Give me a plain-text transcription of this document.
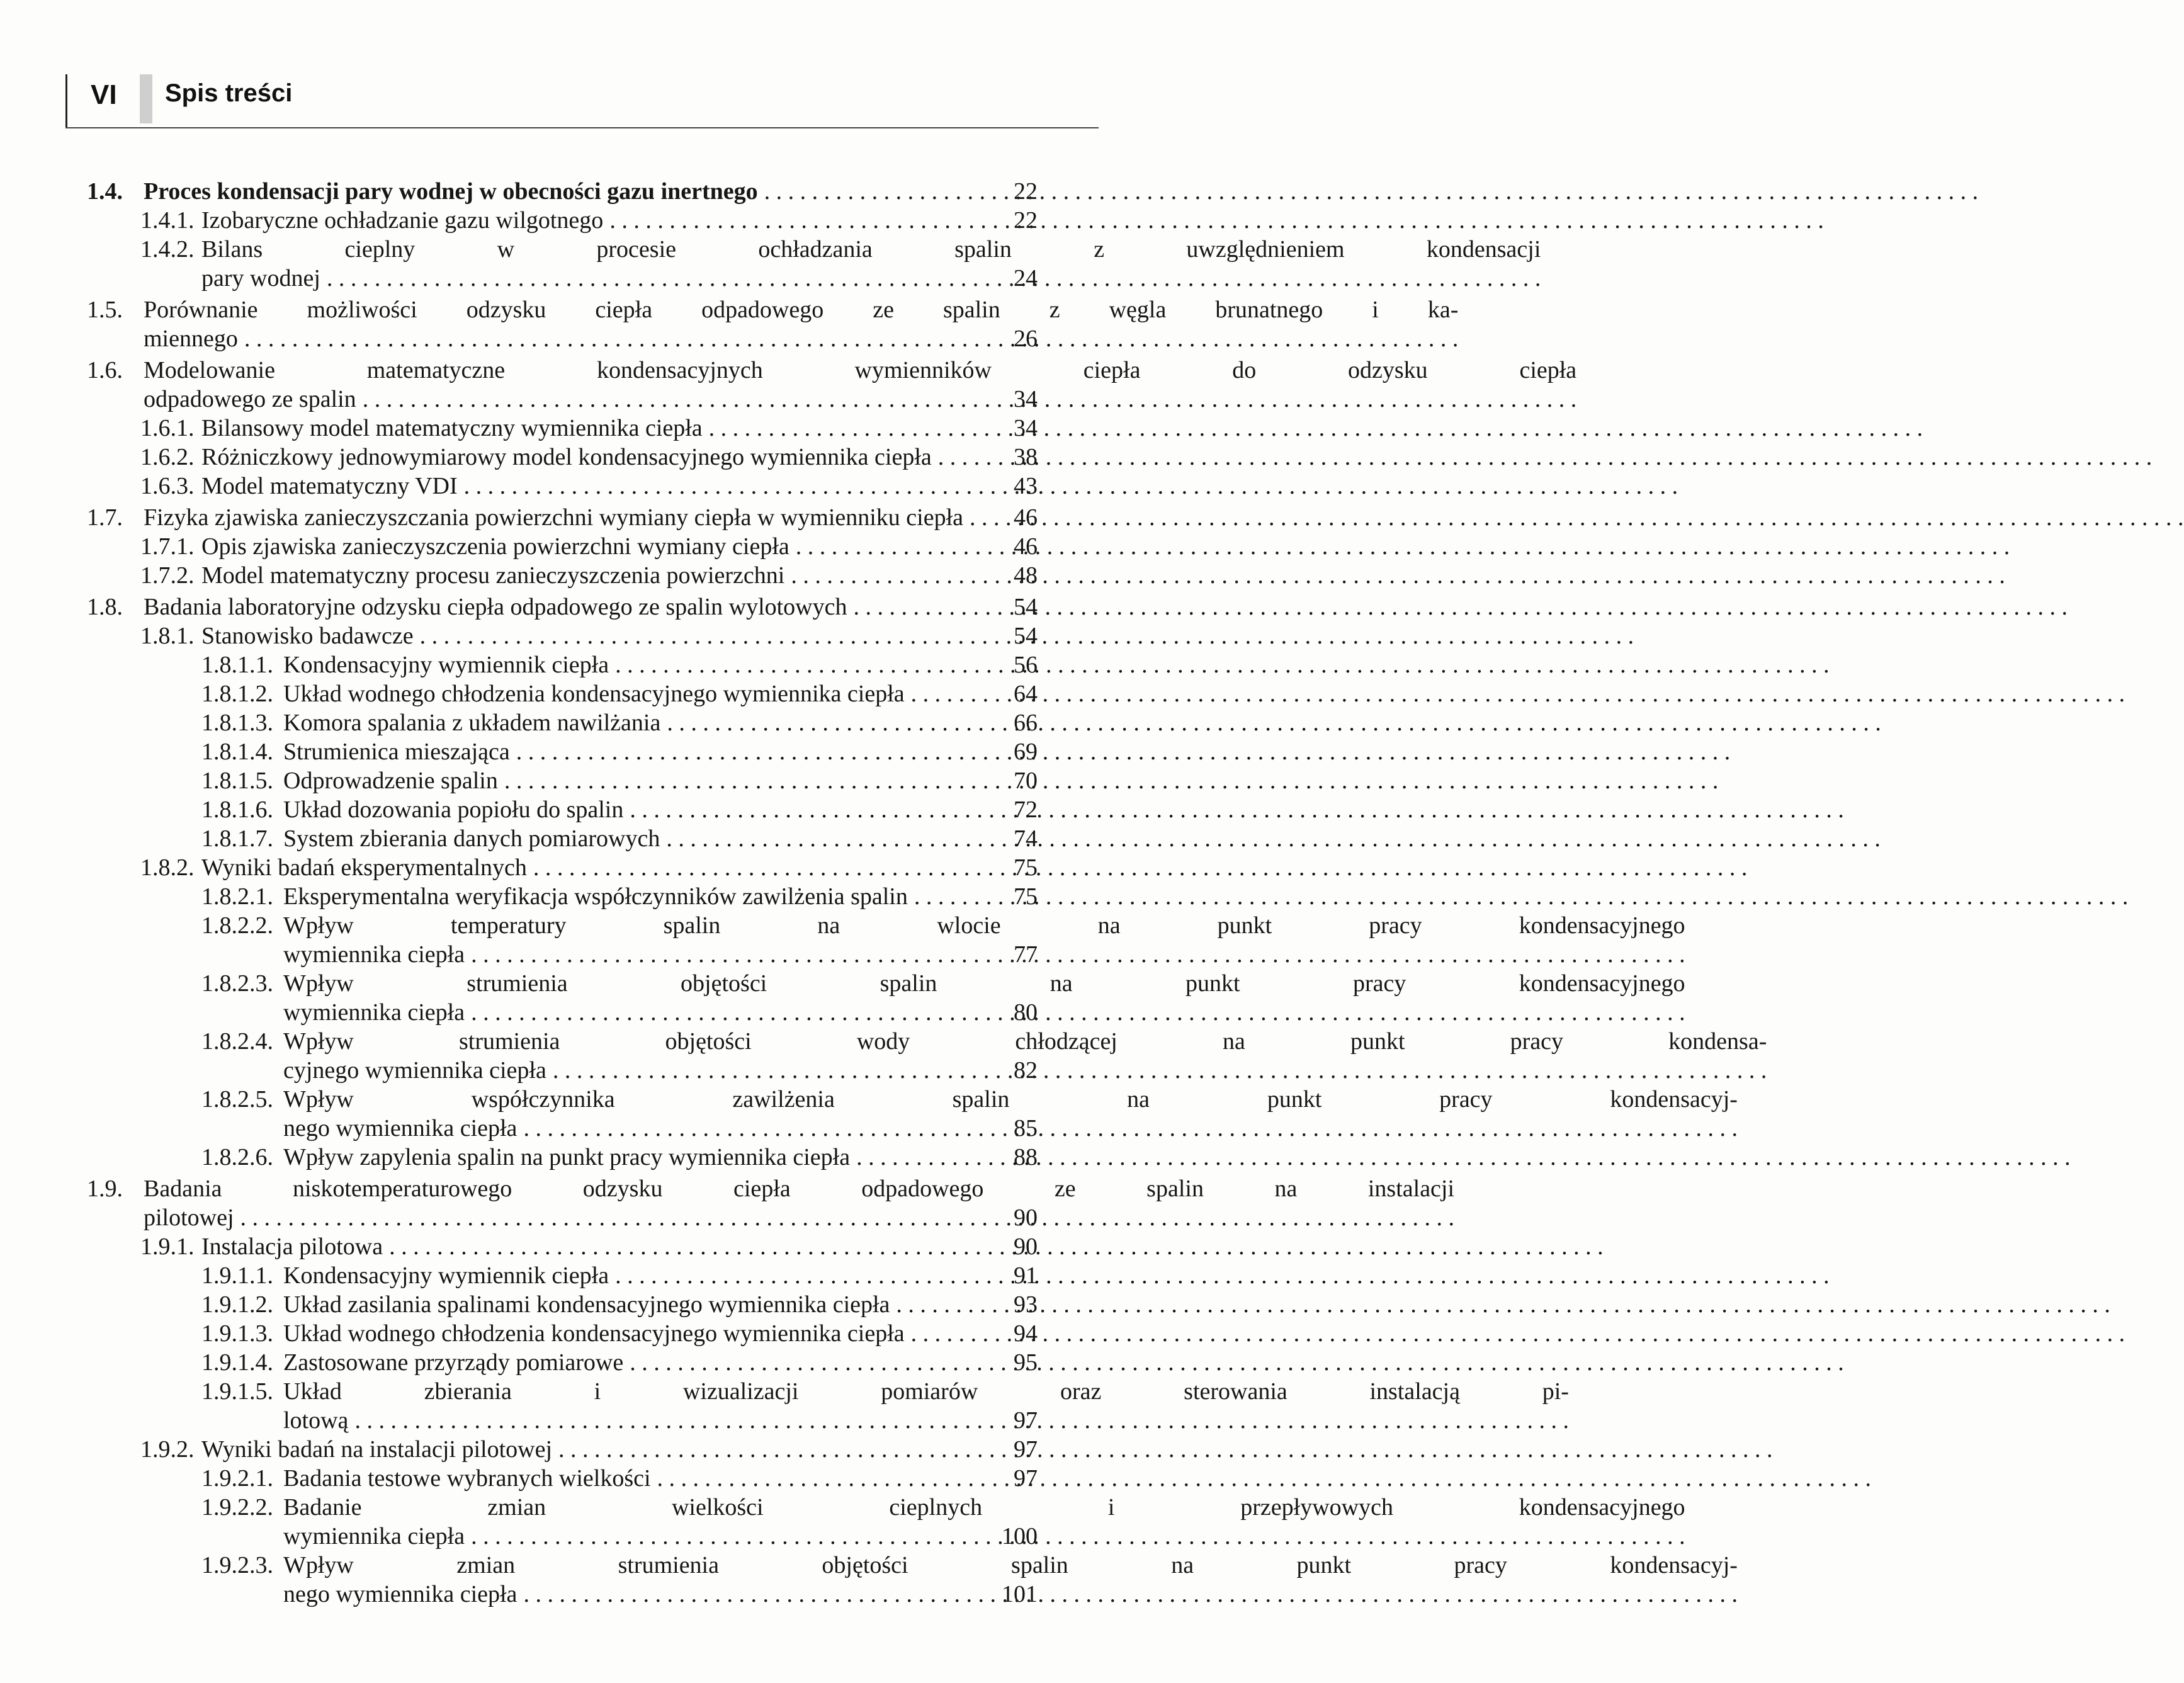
VI Spis treści
1.4. Proces kondensacji pary wodnej w obecności gazu inertnego . . .	22
1.4.1. Izobaryczne ochładzanie gazu wilgotnego . . .	22
1.4.2. Bilans cieplny w procesie ochładzania spalin z uwzględnieniem kondensacji
pary wodnej . . .	24
1.5. Porównanie możliwości odzysku ciepła odpadowego ze spalin z węgla brunatnego i ka-
miennego . . .	26
1.6. Modelowanie matematyczne kondensacyjnych wymienników ciepła do odzysku ciepła
odpadowego ze spalin . . .	34
1.6.1. Bilansowy model matematyczny wymiennika ciepła . . .	34
1.6.2. Różniczkowy jednowymiarowy model kondensacyjnego wymiennika ciepła . . .	38
1.6.3. Model matematyczny VDI . . .	43
1.7. Fizyka zjawiska zanieczyszczania powierzchni wymiany ciepła w wymienniku ciepła . . .	46
1.7.1. Opis zjawiska zanieczyszczenia powierzchni wymiany ciepła . . .	46
1.7.2. Model matematyczny procesu zanieczyszczenia powierzchni . . .	48
1.8. Badania laboratoryjne odzysku ciepła odpadowego ze spalin wylotowych . . .	54
1.8.1. Stanowisko badawcze . . .	54
1.8.1.1. Kondensacyjny wymiennik ciepła . . .	56
1.8.1.2. Układ wodnego chłodzenia kondensacyjnego wymiennika ciepła . . .	64
1.8.1.3. Komora spalania z układem nawilżania . . .	66
1.8.1.4. Strumienica mieszająca . . .	69
1.8.1.5. Odprowadzenie spalin . . .	70
1.8.1.6. Układ dozowania popiołu do spalin . . .	72
1.8.1.7. System zbierania danych pomiarowych . . .	74
1.8.2. Wyniki badań eksperymentalnych . . .	75
1.8.2.1. Eksperymentalna weryfikacja współczynników zawilżenia spalin . . .	75
1.8.2.2. Wpływ temperatury spalin na wlocie na punkt pracy kondensacyjnego
wymiennika ciepła . . .	77
1.8.2.3. Wpływ strumienia objętości spalin na punkt pracy kondensacyjnego
wymiennika ciepła . . .	80
1.8.2.4. Wpływ strumienia objętości wody chłodzącej na punkt pracy kondensa-
cyjnego wymiennika ciepła . . .	82
1.8.2.5. Wpływ współczynnika zawilżenia spalin na punkt pracy kondensacyj-
nego wymiennika ciepła . . .	85
1.8.2.6. Wpływ zapylenia spalin na punkt pracy wymiennika ciepła . . .	88
1.9. Badania niskotemperaturowego odzysku ciepła odpadowego ze spalin na instalacji
pilotowej . . .	90
1.9.1. Instalacja pilotowa . . .	90
1.9.1.1. Kondensacyjny wymiennik ciepła . . .	91
1.9.1.2. Układ zasilania spalinami kondensacyjnego wymiennika ciepła . . .	93
1.9.1.3. Układ wodnego chłodzenia kondensacyjnego wymiennika ciepła . . .	94
1.9.1.4. Zastosowane przyrządy pomiarowe . . .	95
1.9.1.5. Układ zbierania i wizualizacji pomiarów oraz sterowania instalacją pi-
lotową . . .	97
1.9.2. Wyniki badań na instalacji pilotowej . . .	97
1.9.2.1. Badania testowe wybranych wielkości . . .	97
1.9.2.2. Badanie zmian wielkości cieplnych i przepływowych kondensacyjnego
wymiennika ciepła . . .	100
1.9.2.3. Wpływ zmian strumienia objętości spalin na punkt pracy kondensacyj-
nego wymiennika ciepła . . .	101
